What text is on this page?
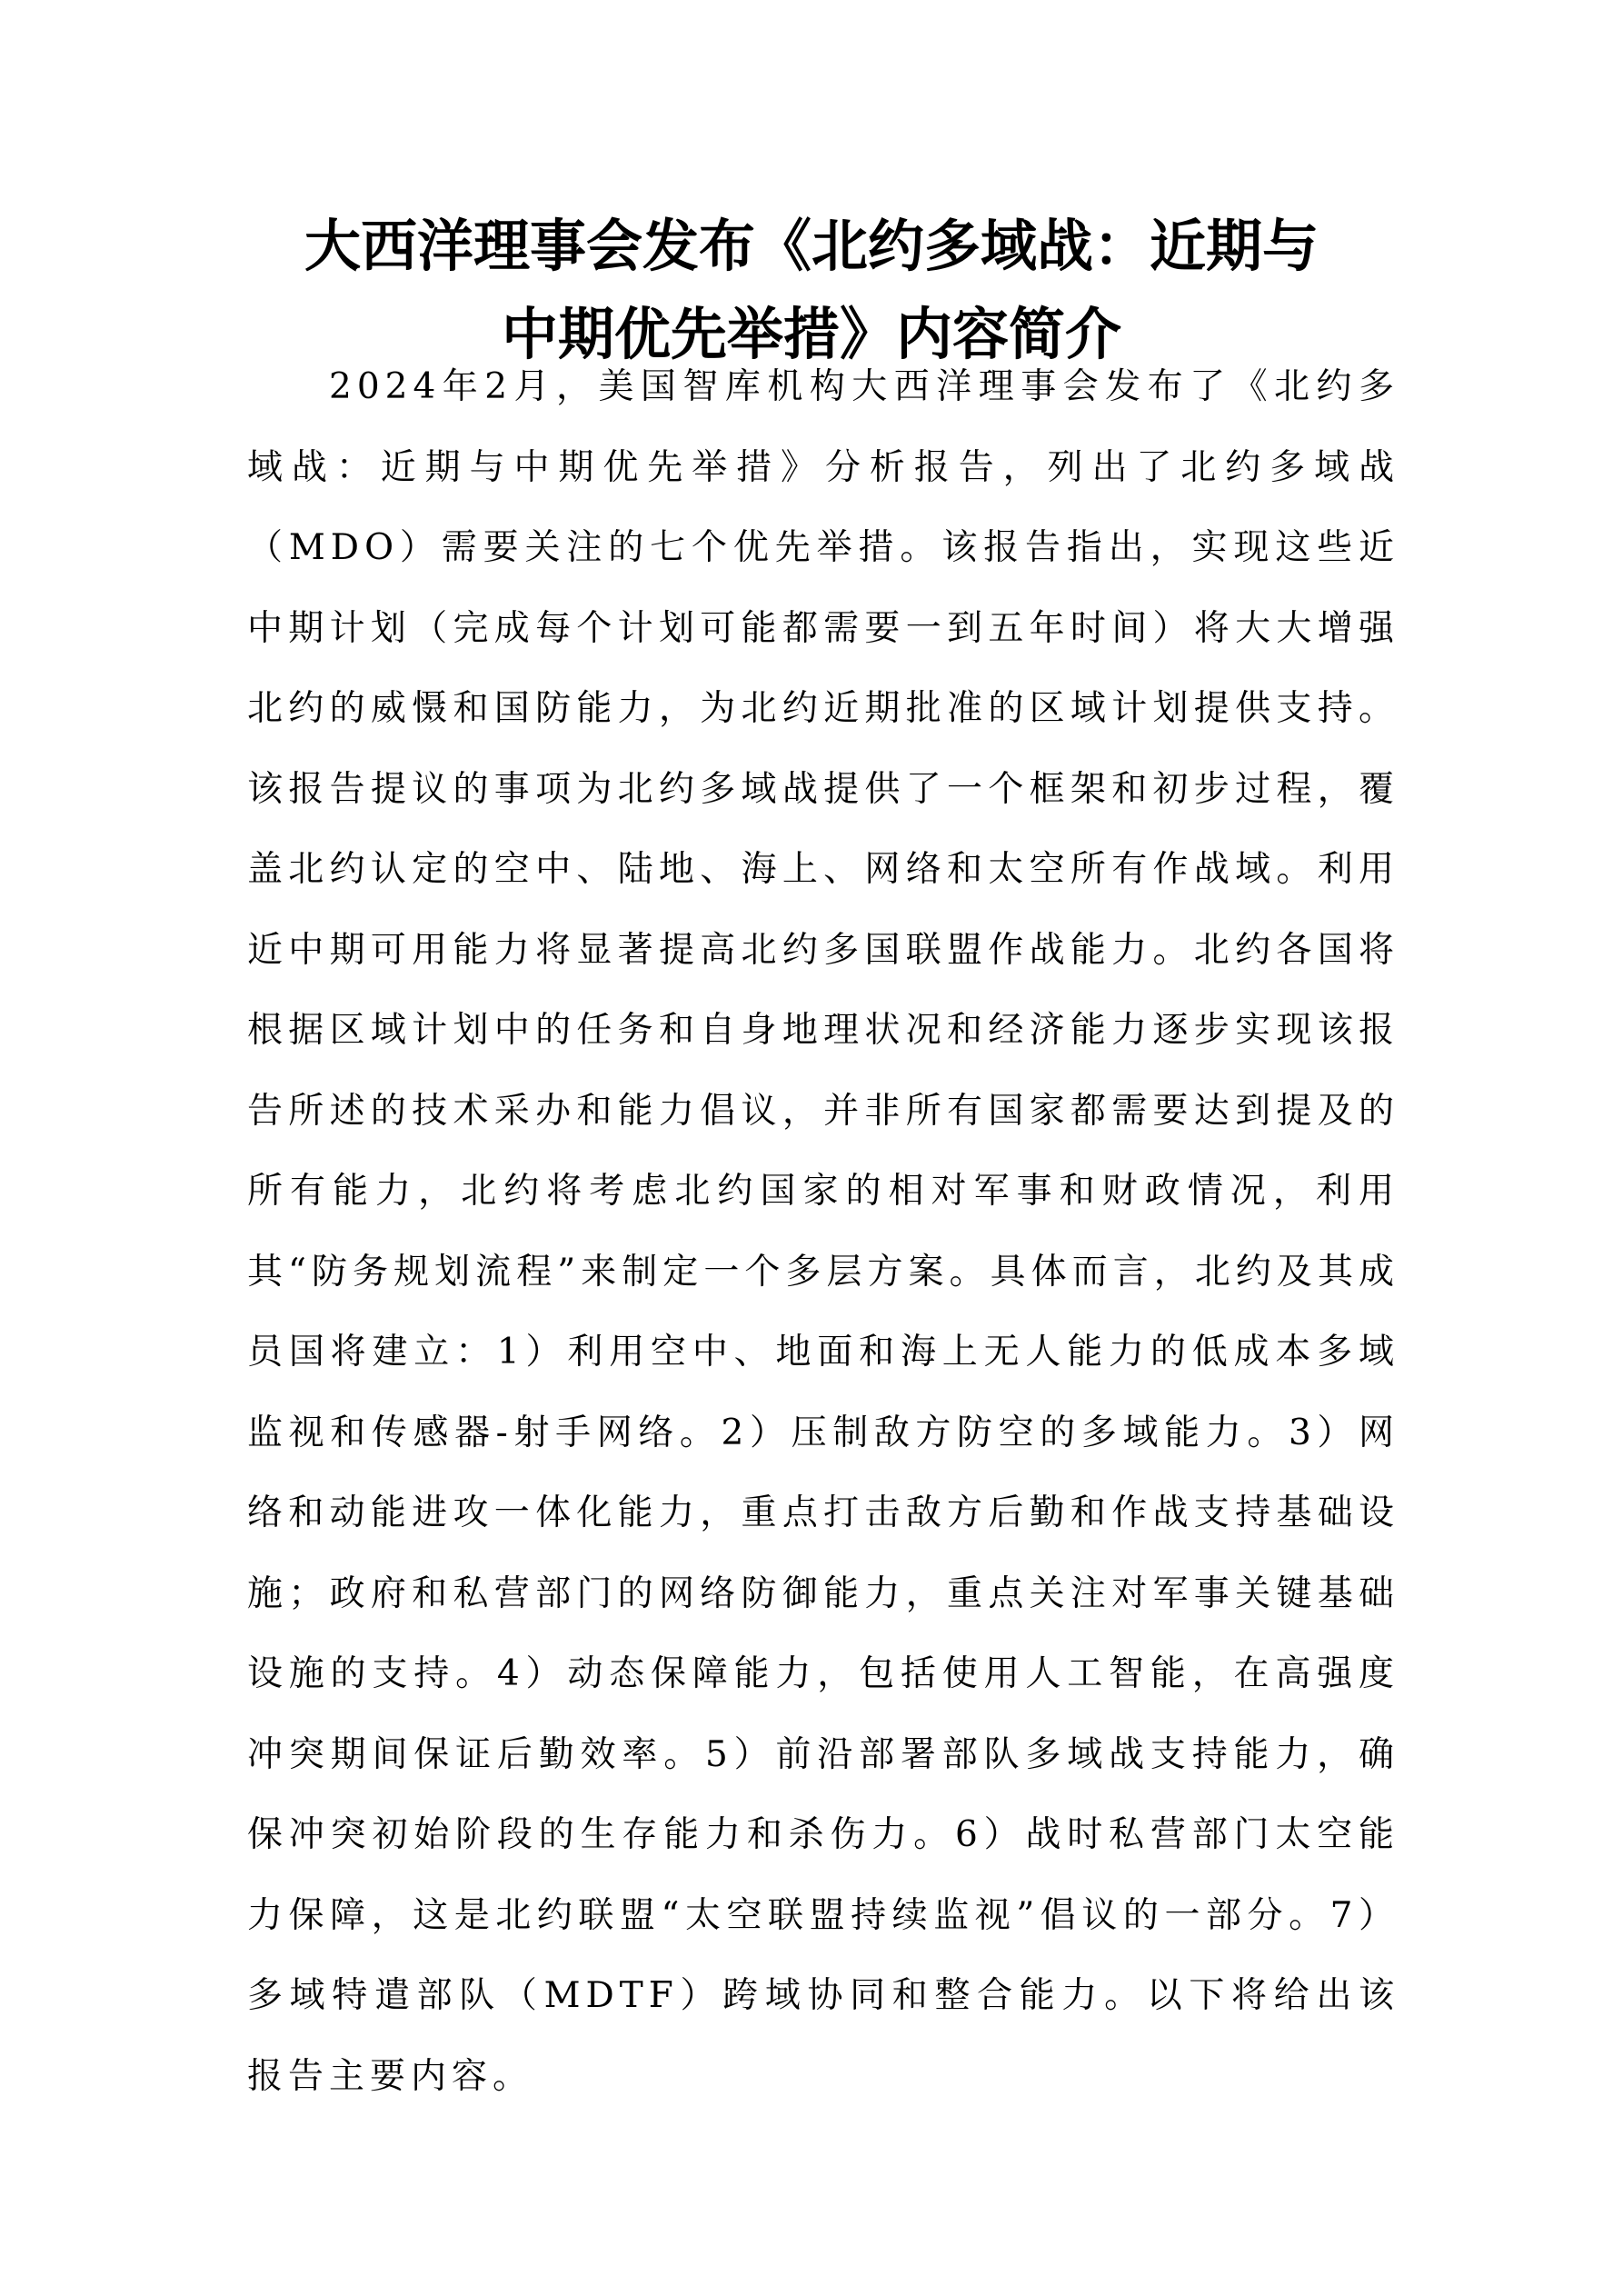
大西洋理事会发布《北约多域战：近期与
中期优先举措》内容简介

2024年2月，美国智库机构大西洋理事会发布了《北约多域战：近期与中期优先举措》分析报告，列出了北约多域战（MDO）需要关注的七个优先举措。该报告指出，实现这些近中期计划（完成每个计划可能都需要一到五年时间）将大大增强北约的威慑和国防能力，为北约近期批准的区域计划提供支持。该报告提议的事项为北约多域战提供了一个框架和初步过程，覆盖北约认定的空中、陆地、海上、网络和太空所有作战域。利用近中期可用能力将显著提高北约多国联盟作战能力。北约各国将根据区域计划中的任务和自身地理状况和经济能力逐步实现该报告所述的技术采办和能力倡议，并非所有国家都需要达到提及的所有能力，北约将考虑北约国家的相对军事和财政情况，利用其“防务规划流程”来制定一个多层方案。具体而言，北约及其成员国将建立：1）利用空中、地面和海上无人能力的低成本多域监视和传感器-射手网络。2）压制敌方防空的多域能力。3）网络和动能进攻一体化能力，重点打击敌方后勤和作战支持基础设施；政府和私营部门的网络防御能力，重点关注对军事关键基础设施的支持。4）动态保障能力，包括使用人工智能，在高强度冲突期间保证后勤效率。5）前沿部署部队多域战支持能力，确保冲突初始阶段的生存能力和杀伤力。6）战时私营部门太空能力保障，这是北约联盟“太空联盟持续监视”倡议的一部分。7）多域特遣部队（MDTF）跨域协同和整合能力。以下将给出该报告主要内容。
